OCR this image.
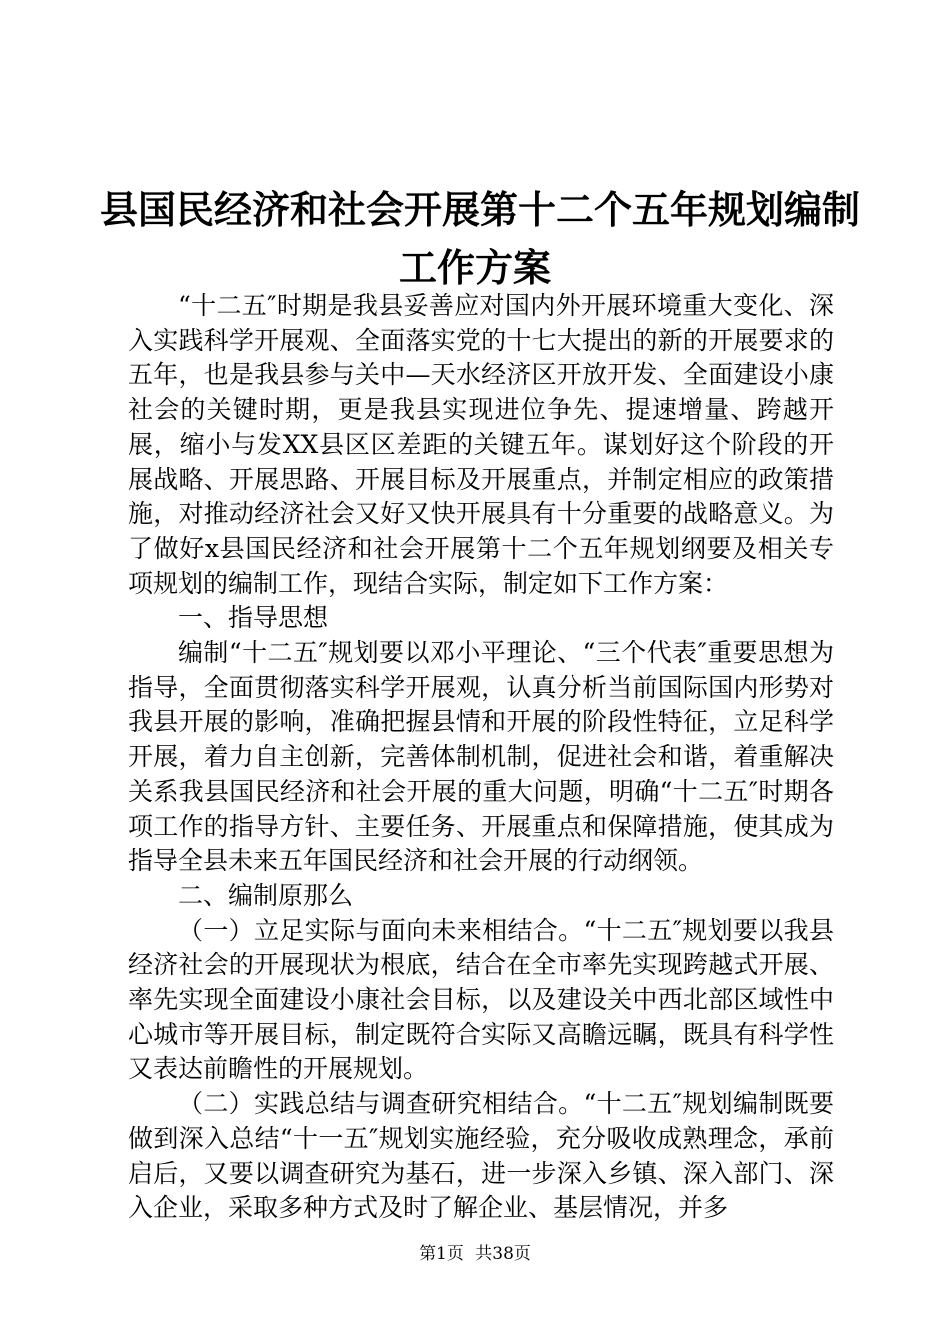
县国民经济和社会开展第十二个五年规划编制
工作方案

“十二五″时期是我县妥善应对国内外开展环境重大变化、深入实践科学开展观、全面落实党的十七大提出的新的开展要求的五年，也是我县参与关中—天水经济区开放开发、全面建设小康社会的关键时期，更是我县实现进位争先、提速增量、跨越开展，缩小与发XX县区区差距的关键五年。谋划好这个阶段的开展战略、开展思路、开展目标及开展重点，并制定相应的政策措施，对推动经济社会又好又快开展具有十分重要的战略意义。为了做好x县国民经济和社会开展第十二个五年规划纲要及相关专项规划的编制工作，现结合实际，制定如下工作方案：

一、指导思想

编制“十二五″规划要以邓小平理论、“三个代表″重要思想为指导，全面贯彻落实科学开展观，认真分析当前国际国内形势对我县开展的影响，准确把握县情和开展的阶段性特征，立足科学开展，着力自主创新，完善体制机制，促进社会和谐，着重解决关系我县国民经济和社会开展的重大问题，明确“十二五″时期各项工作的指导方针、主要任务、开展重点和保障措施，使其成为指导全县未来五年国民经济和社会开展的行动纲领。

二、编制原那么

（一）立足实际与面向未来相结合。“十二五″规划要以我县经济社会的开展现状为根底，结合在全市率先实现跨越式开展、率先实现全面建设小康社会目标，以及建设关中西北部区域性中心城市等开展目标，制定既符合实际又高瞻远瞩，既具有科学性又表达前瞻性的开展规划。

（二）实践总结与调查研究相结合。“十二五″规划编制既要做到深入总结“十一五″规划实施经验，充分吸收成熟理念，承前启后，又要以调查研究为基石，进一步深入乡镇、深入部门、深入企业，采取多种方式及时了解企业、基层情况，并多

第1页 共38页
